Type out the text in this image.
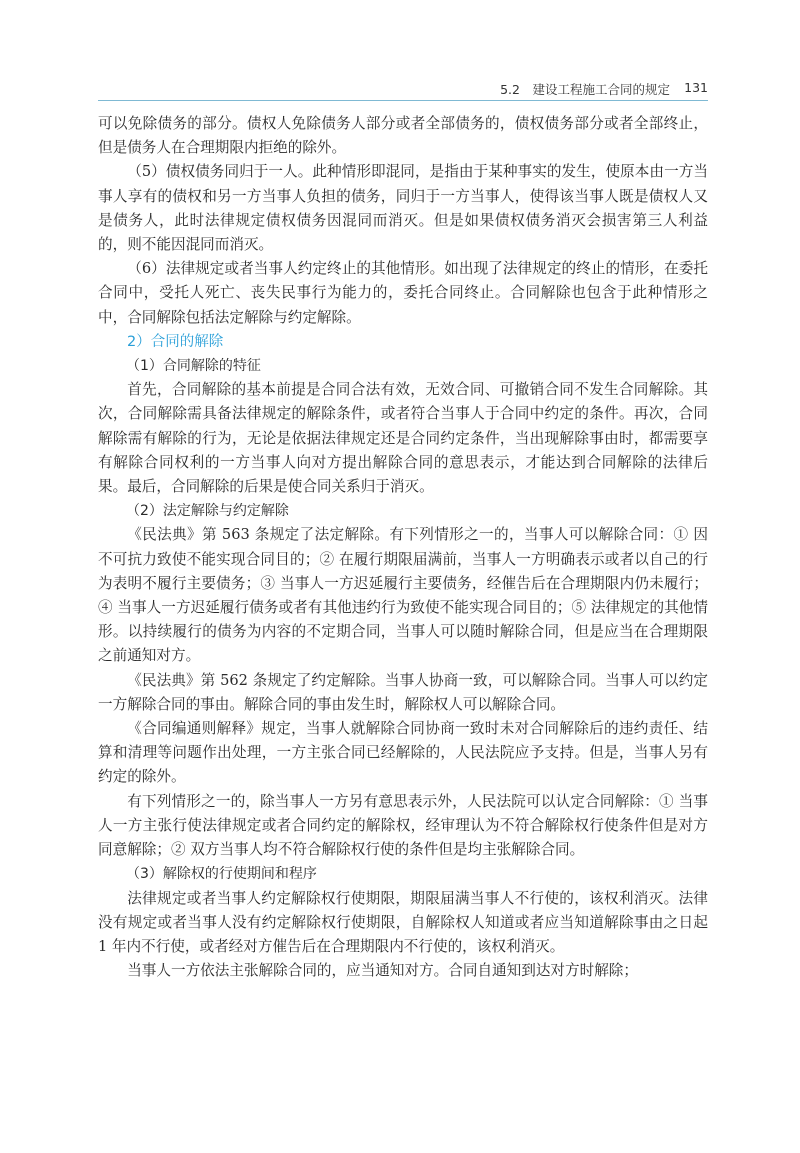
5.2　建设工程施工合同的规定 131

可以免除债务的部分。债权人免除债务人部分或者全部债务的，债权债务部分或者全部终止，但是债务人在合理期限内拒绝的除外。

（5）债权债务同归于一人。此种情形即混同，是指由于某种事实的发生，使原本由一方当事人享有的债权和另一方当事人负担的债务，同归于一方当事人，使得该当事人既是债权人又是债务人，此时法律规定债权债务因混同而消灭。但是如果债权债务消灭会损害第三人利益的，则不能因混同而消灭。

（6）法律规定或者当事人约定终止的其他情形。如出现了法律规定的终止的情形，在委托合同中，受托人死亡、丧失民事行为能力的，委托合同终止。合同解除也包含于此种情形之中，合同解除包括法定解除与约定解除。

2）合同的解除

（1）合同解除的特征

首先，合同解除的基本前提是合同合法有效，无效合同、可撤销合同不发生合同解除。其次，合同解除需具备法律规定的解除条件，或者符合当事人于合同中约定的条件。再次，合同解除需有解除的行为，无论是依据法律规定还是合同约定条件，当出现解除事由时，都需要享有解除合同权利的一方当事人向对方提出解除合同的意思表示，才能达到合同解除的法律后果。最后，合同解除的后果是使合同关系归于消灭。

（2）法定解除与约定解除

《民法典》第 563 条规定了法定解除。有下列情形之一的，当事人可以解除合同：① 因不可抗力致使不能实现合同目的；② 在履行期限届满前，当事人一方明确表示或者以自己的行为表明不履行主要债务；③ 当事人一方迟延履行主要债务，经催告后在合理期限内仍未履行；④ 当事人一方迟延履行债务或者有其他违约行为致使不能实现合同目的；⑤ 法律规定的其他情形。以持续履行的债务为内容的不定期合同，当事人可以随时解除合同，但是应当在合理期限之前通知对方。

《民法典》第 562 条规定了约定解除。当事人协商一致，可以解除合同。当事人可以约定一方解除合同的事由。解除合同的事由发生时，解除权人可以解除合同。

《合同编通则解释》规定，当事人就解除合同协商一致时未对合同解除后的违约责任、结算和清理等问题作出处理，一方主张合同已经解除的，人民法院应予支持。但是，当事人另有约定的除外。

有下列情形之一的，除当事人一方另有意思表示外，人民法院可以认定合同解除：① 当事人一方主张行使法律规定或者合同约定的解除权，经审理认为不符合解除权行使条件但是对方同意解除；② 双方当事人均不符合解除权行使的条件但是均主张解除合同。

（3）解除权的行使期间和程序

法律规定或者当事人约定解除权行使期限，期限届满当事人不行使的，该权利消灭。法律没有规定或者当事人没有约定解除权行使期限，自解除权人知道或者应当知道解除事由之日起 1 年内不行使，或者经对方催告后在合理期限内不行使的，该权利消灭。

当事人一方依法主张解除合同的，应当通知对方。合同自通知到达对方时解除；
